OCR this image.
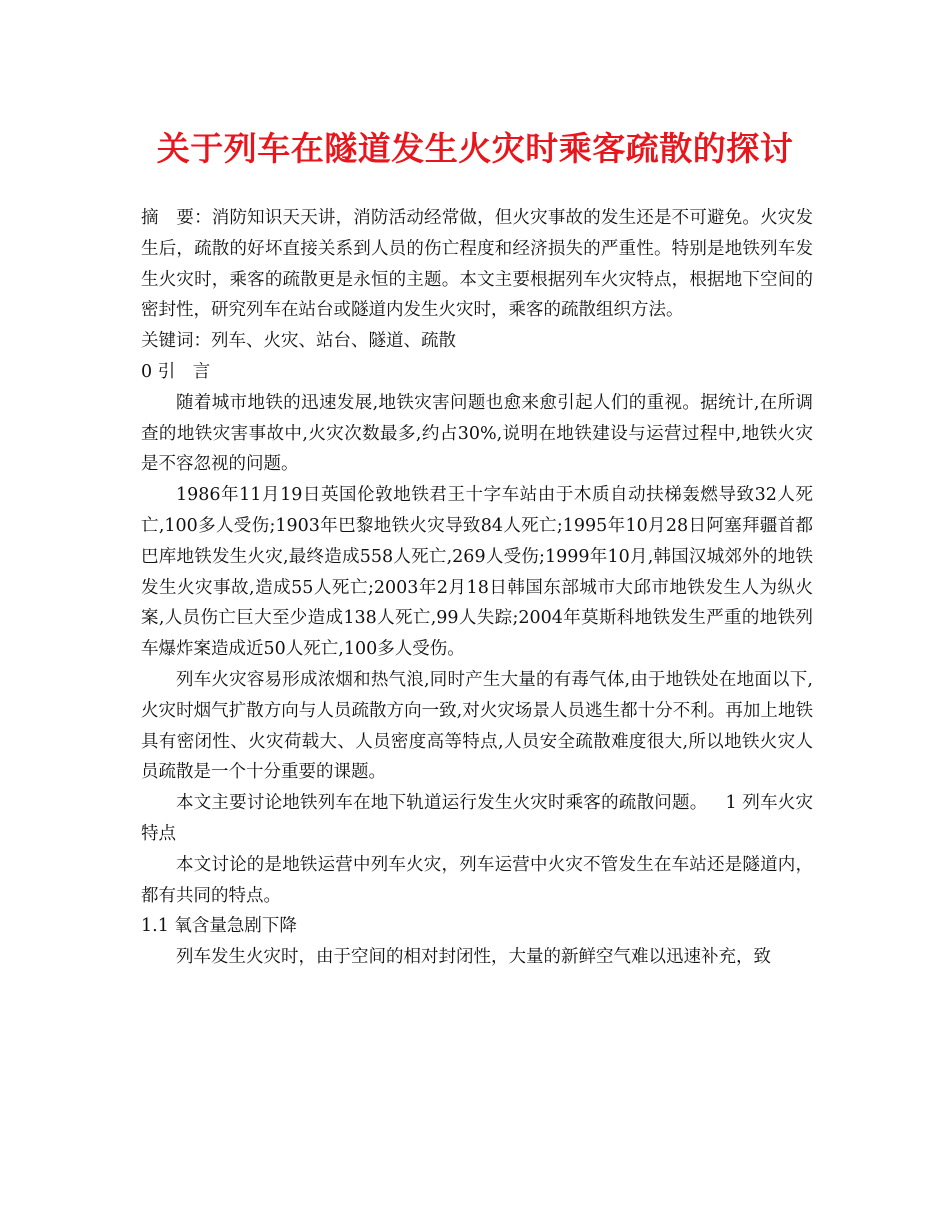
关于列车在隧道发生火灾时乘客疏散的探讨

摘　要：消防知识天天讲，消防活动经常做，但火灾事故的发生还是不可避免。火灾发生后，疏散的好坏直接关系到人员的伤亡程度和经济损失的严重性。特别是地铁列车发生火灾时，乘客的疏散更是永恒的主题。本文主要根据列车火灾特点，根据地下空间的密封性，研究列车在站台或隧道内发生火灾时，乘客的疏散组织方法。

关键词：列车、火灾、站台、隧道、疏散

0 引　言

随着城市地铁的迅速发展,地铁灾害问题也愈来愈引起人们的重视。据统计,在所调查的地铁灾害事故中,火灾次数最多,约占30%,说明在地铁建设与运营过程中,地铁火灾是不容忽视的问题。

1986年11月19日英国伦敦地铁君王十字车站由于木质自动扶梯轰燃导致32人死亡,100多人受伤;1903年巴黎地铁火灾导致84人死亡;1995年10月28日阿塞拜疆首都巴库地铁发生火灾,最终造成558人死亡,269人受伤;1999年10月,韩国汉城郊外的地铁发生火灾事故,造成55人死亡;2003年2月18日韩国东部城市大邱市地铁发生人为纵火案,人员伤亡巨大至少造成138人死亡,99人失踪;2004年莫斯科地铁发生严重的地铁列车爆炸案造成近50人死亡,100多人受伤。

列车火灾容易形成浓烟和热气浪,同时产生大量的有毒气体,由于地铁处在地面以下,火灾时烟气扩散方向与人员疏散方向一致,对火灾场景人员逃生都十分不利。再加上地铁具有密闭性、火灾荷载大、人员密度高等特点,人员安全疏散难度很大,所以地铁火灾人员疏散是一个十分重要的课题。

本文主要讨论地铁列车在地下轨道运行发生火灾时乘客的疏散问题。 1 列车火灾特点

本文讨论的是地铁运营中列车火灾，列车运营中火灾不管发生在车站还是隧道内，都有共同的特点。

1.1 氧含量急剧下降

列车发生火灾时，由于空间的相对封闭性，大量的新鲜空气难以迅速补充，致
